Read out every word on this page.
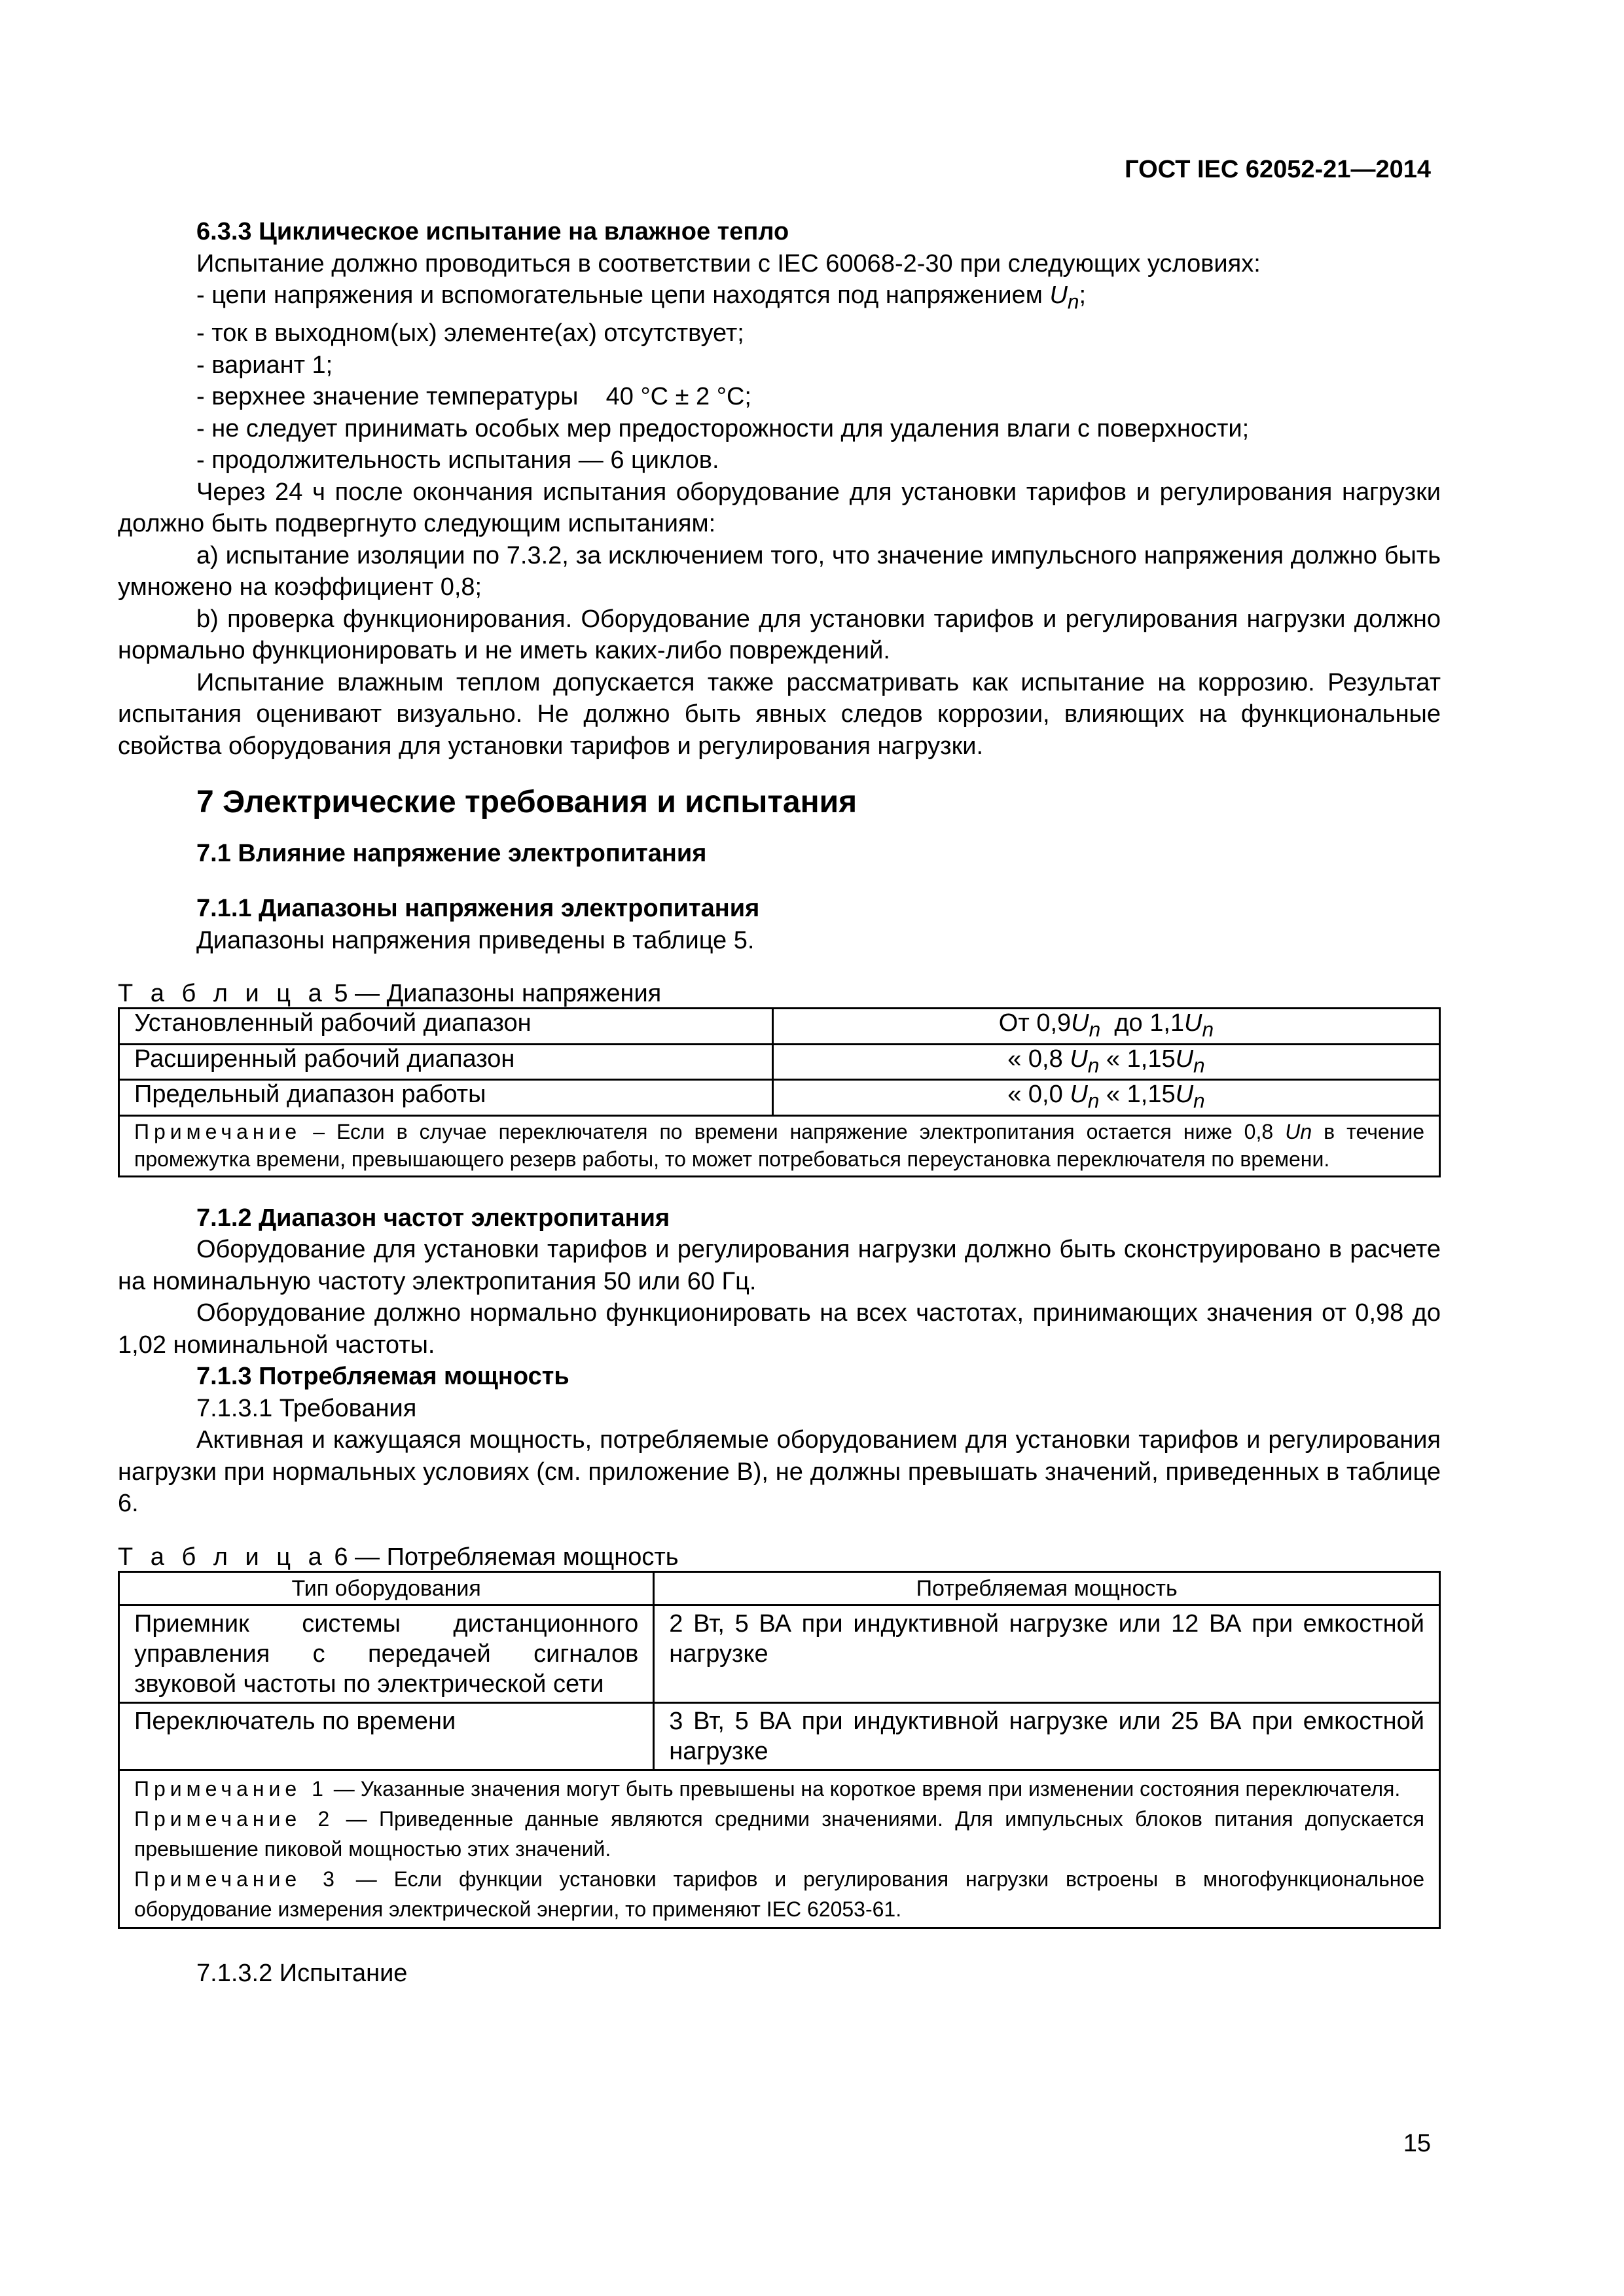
ГОСТ IEC 62052-21—2014
6.3.3 Циклическое испытание на влажное тепло

Испытание должно проводиться в соответствии с IEC 60068-2-30 при следующих условиях:

- цепи напряжения и вспомогательные цепи находятся под напряжением $U_n$;

- ток в выходном(ых) элементе(ах) отсутствует;

- вариант 1;

- верхнее значение температуры    40 °C ± 2 °C;

- не следует принимать особых мер предосторожности для удаления влаги с поверхности;

- продолжительность испытания — 6 циклов.

Через 24 ч после окончания испытания оборудование для установки тарифов и регулирования нагрузки должно быть подвергнуто следующим испытаниям:

a) испытание изоляции по 7.3.2, за исключением того, что значение импульсного напряжения должно быть умножено на коэффициент 0,8;

b) проверка функционирования. Оборудование для установки тарифов и регулирования нагрузки должно нормально функционировать и не иметь каких-либо повреждений.

Испытание влажным теплом допускается также рассматривать как испытание на коррозию. Результат испытания оценивают визуально. Не должно быть явных следов коррозии, влияющих на функциональные свойства оборудования для установки тарифов и регулирования нагрузки.

7 Электрические требования и испытания
7.1 Влияние напряжение электропитания
7.1.1 Диапазоны напряжения электропитания

Диапазоны напряжения приведены в таблице 5.

Т а б л и ц а 5 — Диапазоны напряжения
Установленный рабочий диапазон	От $0,9U_n$  до $1,1U_n$
Расширенный рабочий диапазон	« 0,8 $U_n$ « $1,15U_n$
Предельный диапазон работы	« 0,0 $U_n$ « $1,15U_n$
Примечание – Если в случае переключателя по времени напряжение электропитания остается ниже 0,8 Un в течение промежутка времени, превышающего резерв работы, то может потребоваться переустановка переключателя по времени.	
7.1.2 Диапазон частот электропитания

Оборудование для установки тарифов и регулирования нагрузки должно быть сконструировано в расчете на номинальную частоту электропитания 50 или 60 Гц.

Оборудование должно нормально функционировать на всех частотах, принимающих значения от 0,98 до 1,02 номинальной частоты.

7.1.3 Потребляемая мощность

7.1.3.1 Требования

Активная и кажущаяся мощность, потребляемые оборудованием для установки тарифов и регулирования нагрузки при нормальных условиях (см. приложение В), не должны превышать значений, приведенных в таблице 6.

Т а б л и ц а 6 — Потребляемая мощность
Тип оборудования	Потребляемая мощность
Приемник системы дистанционного управления с передачей сигналов звуковой частоты по электрической сети	2 Вт, 5 ВА при индуктивной нагрузке или 12 ВА при емкостной нагрузке
Переключатель по времени	3 Вт, 5 ВА при индуктивной нагрузке или 25 ВА при емкостной нагрузке

Примечание 1 — Указанные значения могут быть превышены на короткое время при изменении состояния переключателя.
Примечание 2 — Приведенные данные являются средними значениями. Для импульсных блоков питания допускается превышение пиковой мощностью этих значений.
Примечание 3 — Если функции установки тарифов и регулирования нагрузки встроены в многофункциональное оборудование измерения электрической энергии, то применяют IEC 62053-61.	

7.1.3.2 Испытание

15
